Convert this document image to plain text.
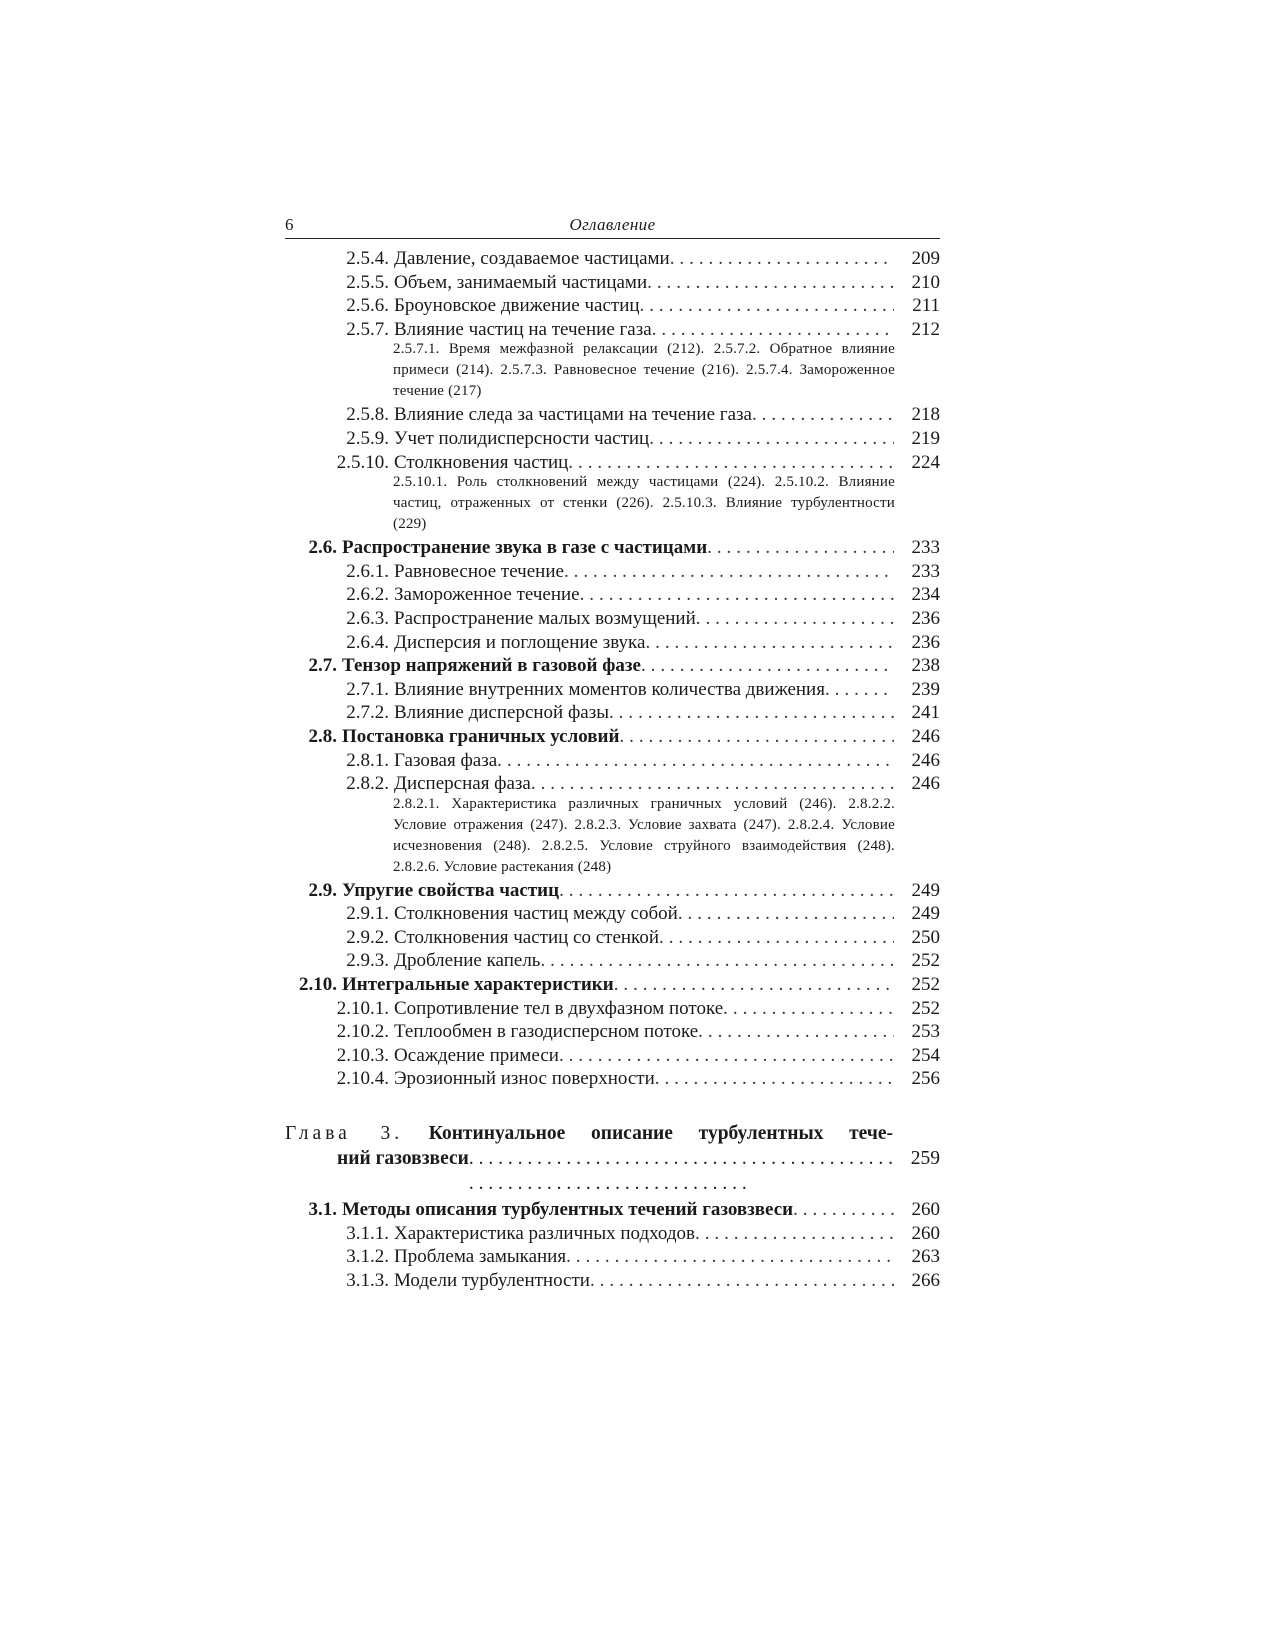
6	Оглавление
2.5.4. Давление, создаваемое частицами . . .	209
2.5.5. Объем, занимаемый частицами . . .	210
2.5.6. Броуновское движение частиц . . .	211
2.5.7. Влияние частиц на течение газа . . .	212
2.5.7.1. Время межфазной релаксации (212). 2.5.7.2. Обратное влияние примеси (214). 2.5.7.3. Равновесное течение (216). 2.5.7.4. Замороженное течение (217)
2.5.8. Влияние следа за частицами на течение газа . . .	218
2.5.9. Учет полидисперсности частиц . . .	219
2.5.10. Столкновения частиц . . .	224
2.5.10.1. Роль столкновений между частицами (224). 2.5.10.2. Влияние частиц, отраженных от стенки (226). 2.5.10.3. Влияние турбулентности (229)
2.6. Распространение звука в газе с частицами . . .	233
2.6.1. Равновесное течение . . .	233
2.6.2. Замороженное течение . . .	234
2.6.3. Распространение малых возмущений . . .	236
2.6.4. Дисперсия и поглощение звука . . .	236
2.7. Тензор напряжений в газовой фазе . . .	238
2.7.1. Влияние внутренних моментов количества движения . . .	239
2.7.2. Влияние дисперсной фазы . . .	241
2.8. Постановка граничных условий . . .	246
2.8.1. Газовая фаза . . .	246
2.8.2. Дисперсная фаза . . .	246
2.8.2.1. Характеристика различных граничных условий (246). 2.8.2.2. Условие отражения (247). 2.8.2.3. Условие захвата (247). 2.8.2.4. Условие исчезновения (248). 2.8.2.5. Условие струйного взаимодействия (248). 2.8.2.6. Условие растекания (248)
2.9. Упругие свойства частиц . . .	249
2.9.1. Столкновения частиц между собой . . .	249
2.9.2. Столкновения частиц со стенкой . . .	250
2.9.3. Дробление капель . . .	252
2.10. Интегральные характеристики . . .	252
2.10.1. Сопротивление тел в двухфазном потоке . . .	252
2.10.2. Теплообмен в газодисперсном потоке . . .	253
2.10.3. Осаждение примеси . . .	254
2.10.4. Эрозионный износ поверхности . . .	256
Глава 3. Континуальное описание турбулентных тече-
ний газовзвеси . . .	259
3.1. Методы описания турбулентных течений газовзвеси . . .	260
3.1.1. Характеристика различных подходов . . .	260
3.1.2. Проблема замыкания . . .	263
3.1.3. Модели турбулентности . . .	266
